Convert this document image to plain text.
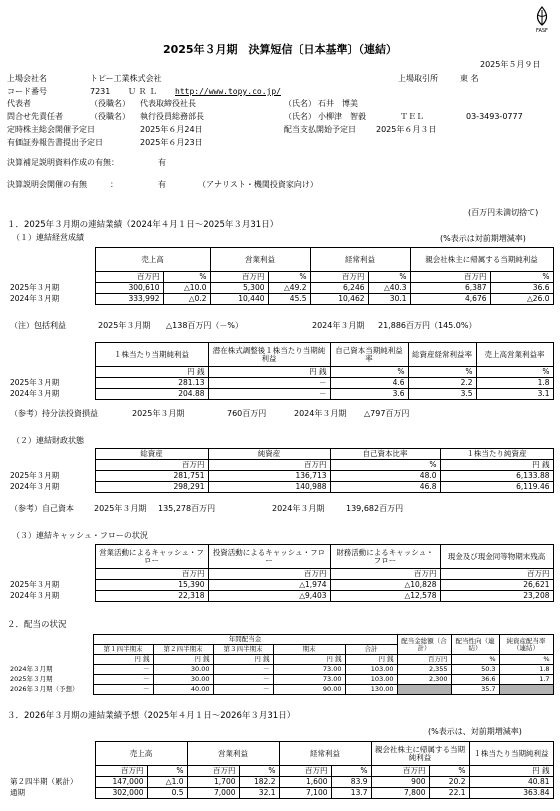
FASF
2025年３月期　決算短信〔日本基準〕（連結）
2025年５月９日
上場会社名	トピー工業株式会社	上場取引所	東 名
コード番号	7231 Ｕ Ｒ Ｌ http://www.topy.co.jp/
代表者	（役職名） 代表取締役社長	（氏名） 石井　博美
問合せ先責任者	（役職名） 執行役員総務部長	（氏名） 小柳津　智毅	ＴＥＬ	03-3493-0777
定時株主総会開催予定日	2025年６月24日	配当支払開始予定日	2025年６月３日
有価証券報告書提出予定日	2025年６月23日
決算補足説明資料作成の有無：	有
決算説明会開催の有無	：	有	（アナリスト・機関投資家向け）
(百万円未満切捨て)
１．2025年３月期の連結業績（2024年４月１日～2025年３月31日）
（１）連結経営成績	(%表示は対前期増減率)
	売上高		営業利益		経常利益		親会社株主に帰属する当期純利益	
	百万円	%	百万円	%	百万円	%	百万円	%
2025年３月期	300,610	△10.0	5,300	△49.2	6,246	△40.3	6,387	36.6
2024年３月期	333,992	△0.2	10,440	45.5	10,462	30.1	4,676	△26.0
（注）包括利益	2025年３月期 △138百万円（－%）	2024年３月期 21,886百万円（145.0%）
	１株当たり当期純利益	潜在株式調整後１株当たり当期純利益	自己資本当期純利益率	総資産経常利益率	売上高営業利益率
	円 銭	円 銭	%	%	%
2025年３月期	281.13	－	4.6	2.2	1.8
2024年３月期	204.88	－	3.6	3.5	3.1
（参考）持分法投資損益	2025年３月期	760百万円	2024年３月期 △797百万円
（２）連結財政状態
	総資産	純資産	自己資本比率	１株当たり純資産
	百万円	百万円	%	円 銭
2025年３月期	281,751	136,713	48.0	6,133.88
2024年３月期	298,291	140,988	46.8	6,119.46
（参考）自己資本	2025年３月期 135,278百万円	2024年３月期	139,682百万円
（３）連結キャッシュ・フローの状況
	営業活動によるキャッシュ・フロー	投資活動によるキャッシュ・フロー	財務活動によるキャッシュ・フロー	現金及び現金同等物期末残高
	百万円	百万円	百万円	百万円
2025年３月期	15,390	△1,974	△10,828	26,621
2024年３月期	22,318	△9,403	△12,578	23,208
２．配当の状況
	年間配当金					配当金総額（合計）	配当性向（連結）	純資産配当率（連結）
	第１四半期末	第２四半期末	第３四半期末	期末	合計			
	円 銭	円 銭	円 銭	円 銭	円 銭	百万円	%	%
2024年３月期	－	30.00	－	73.00	103.00	2,355	50.3	1.8
2025年３月期	－	30.00	－	73.00	103.00	2,300	36.6	1.7
2026年３月期（予想）	－	40.00	－	90.00	130.00		35.7	
３．2026年３月期の連結業績予想（2025年４月１日～2026年３月31日）
(%表示は、対前期増減率)
	売上高		営業利益		経常利益		親会社株主に帰属する当期純利益		１株当たり当期純利益
	百万円	%	百万円	%	百万円	%	百万円	%	円 銭
第２四半期（累計）	147,000	△1.0	1,700	182.2	1,600	83.9	900	20.2	40.81
通期	302,000	0.5	7,000	32.1	7,100	13.7	7,800	22.1	363.84
